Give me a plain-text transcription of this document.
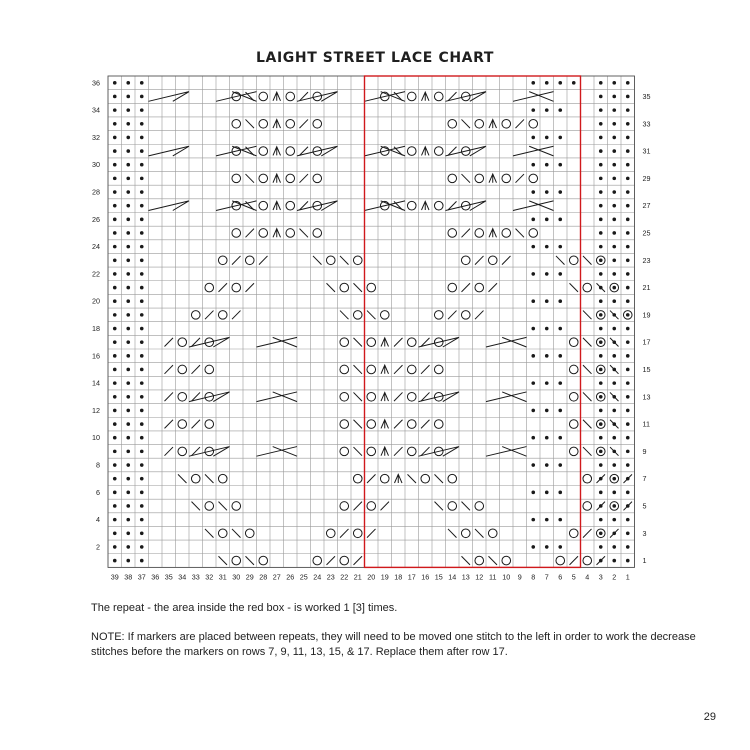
LAIGHT STREET LACE CHART
39 38 37 36 35 34 33 32 31 30 29 28 27 26 25 24 23 22 21 20 19 18 17 16 15 14 13 12 11 10 9 8 7 6 5 4 3 2 1
36
34
32
30
28
26
24
22
20
18
16
14
12
10
8
6
4
2
35
33
31
29
27
25
23
21
19
17
15
13
11
9
7
5
3
1
The repeat - the area inside the red box - is worked 1 [3] times.
NOTE: If markers are placed between repeats, they will need to be moved one stitch to the left in order to work the decrease stitches before the markers on rows 7, 9, 11, 13, 15, & 17. Replace them after row 17.
29
